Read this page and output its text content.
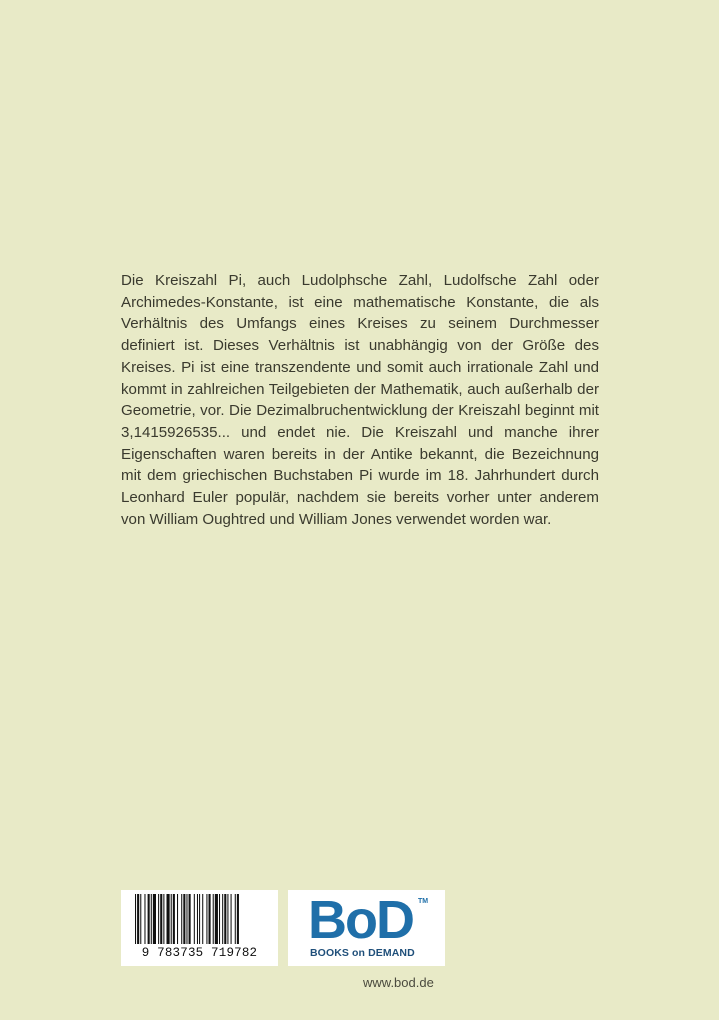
Die Kreiszahl Pi, auch Ludolphsche Zahl, Ludolfsche Zahl oder Archimedes-Konstante, ist eine mathematische Konstante, die als Verhältnis des Umfangs eines Kreises zu seinem Durchmesser definiert ist. Dieses Verhältnis ist unabhängig von der Größe des Kreises. Pi ist eine transzendente und somit auch irrationale Zahl und kommt in zahlreichen Teilgebieten der Mathematik, auch außerhalb der Geometrie, vor. Die Dezimalbruchentwicklung der Kreiszahl beginnt mit 3,1415926535... und endet nie. Die Kreiszahl und manche ihrer Eigenschaften waren bereits in der Antike bekannt, die Bezeichnung mit dem griechischen Buchstaben Pi wurde im 18. Jahrhundert durch Leonhard Euler populär, nachdem sie bereits vorher unter anderem von William Oughtred und William Jones verwendet worden war.

9 783735 719782
BoD TM
BOOKS on DEMAND
www.bod.de
